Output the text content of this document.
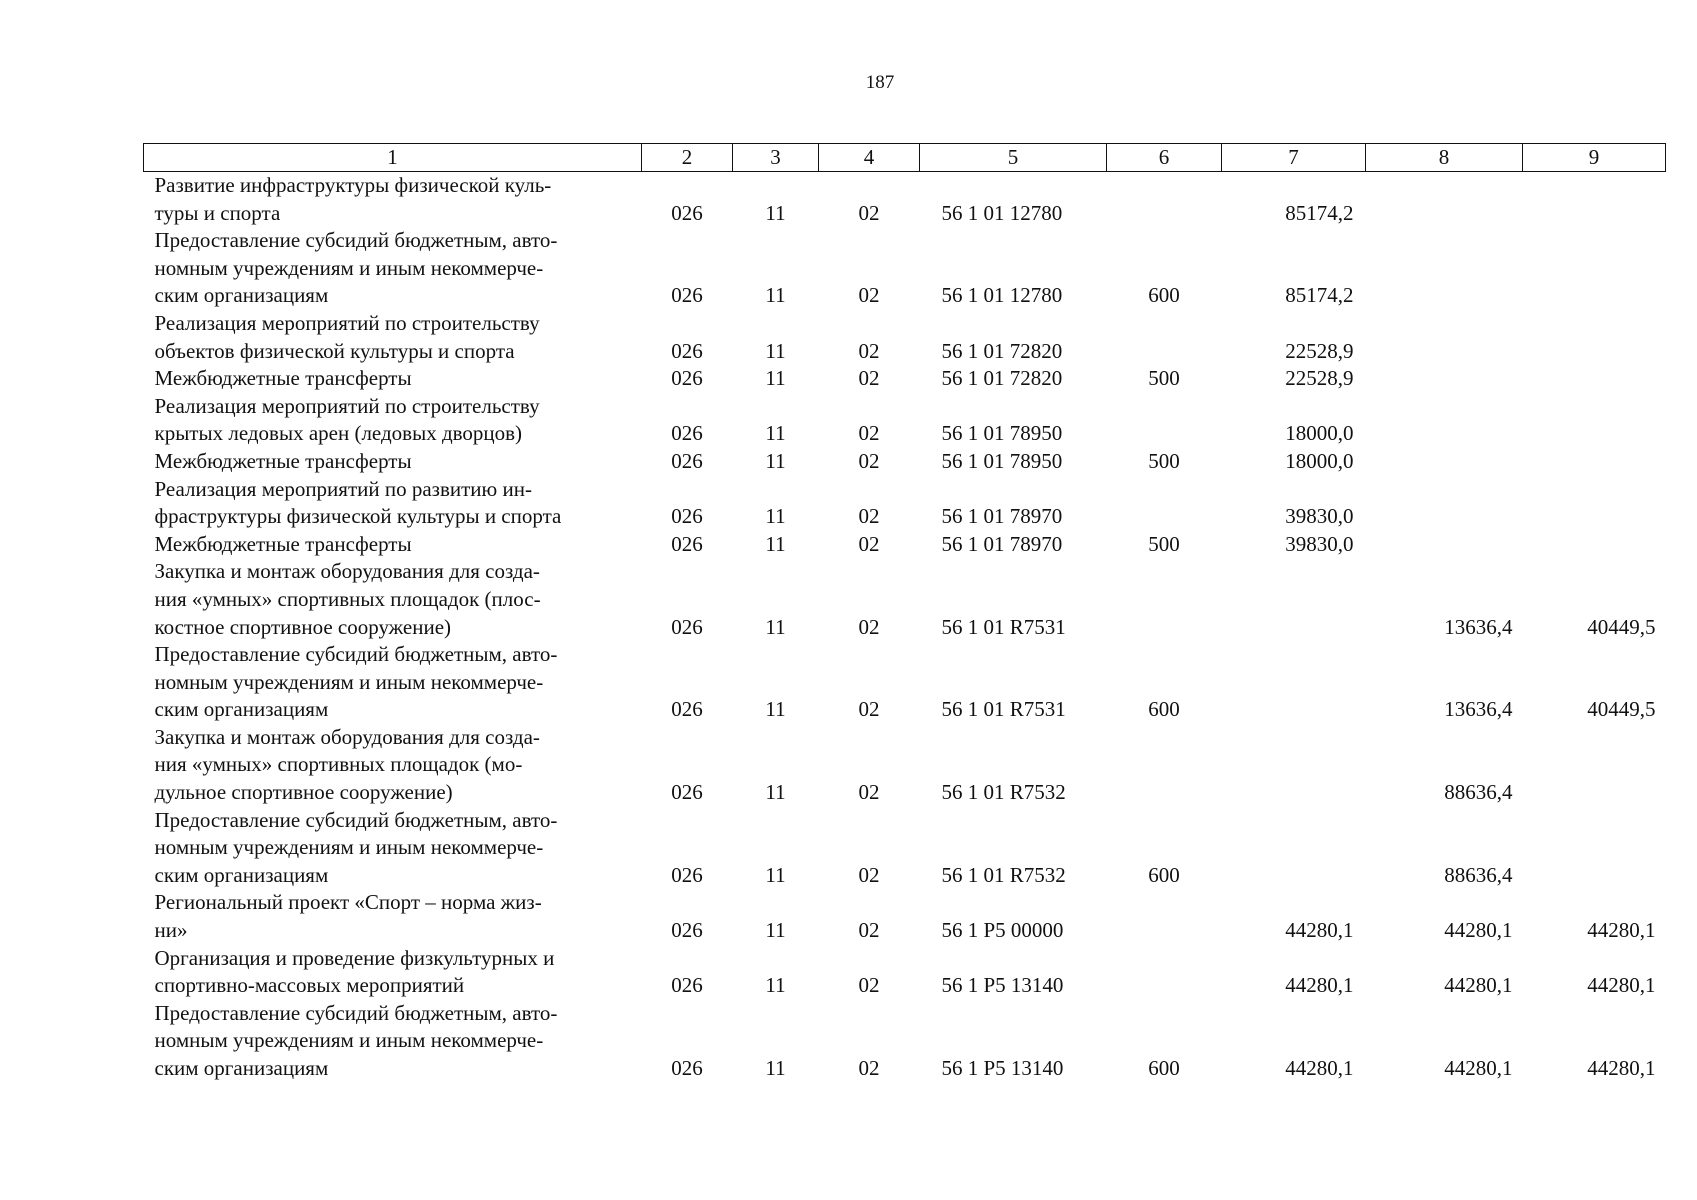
187
1	2	3	4	5	6	7	8	9

Развитие инфраструктуры физической куль-
туры и спорта	026	11	02	56 1 01 12780		85174,2		

Предоставление субсидий бюджетным, авто-
номным учреждениям и иным некоммерче-
ским организациям	026	11	02	56 1 01 12780	600	85174,2		

Реализация мероприятий по строительству
объектов физической культуры и спорта	026	11	02	56 1 01 72820		22528,9		

Межбюджетные трансферты	026	11	02	56 1 01 72820	500	22528,9		

Реализация мероприятий по строительству
крытых ледовых арен (ледовых дворцов)	026	11	02	56 1 01 78950		18000,0		

Межбюджетные трансферты	026	11	02	56 1 01 78950	500	18000,0		

Реализация мероприятий по развитию ин-
фраструктуры физической культуры и спорта	026	11	02	56 1 01 78970		39830,0		

Межбюджетные трансферты	026	11	02	56 1 01 78970	500	39830,0		

Закупка и монтаж оборудования для созда-
ния «умных» спортивных площадок (плос-
костное спортивное сооружение)	026	11	02	56 1 01 R7531			13636,4	40449,5

Предоставление субсидий бюджетным, авто-
номным учреждениям и иным некоммерче-
ским организациям	026	11	02	56 1 01 R7531	600		13636,4	40449,5

Закупка и монтаж оборудования для созда-
ния «умных» спортивных площадок (мо-
дульное спортивное сооружение)	026	11	02	56 1 01 R7532			88636,4	

Предоставление субсидий бюджетным, авто-
номным учреждениям и иным некоммерче-
ским организациям	026	11	02	56 1 01 R7532	600		88636,4	

Региональный проект «Спорт – норма жиз-
ни»	026	11	02	56 1 P5 00000		44280,1	44280,1	44280,1

Организация и проведение физкультурных и
спортивно-массовых мероприятий	026	11	02	56 1 P5 13140		44280,1	44280,1	44280,1

Предоставление субсидий бюджетным, авто-
номным учреждениям и иным некоммерче-
ским организациям	026	11	02	56 1 P5 13140	600	44280,1	44280,1	44280,1
